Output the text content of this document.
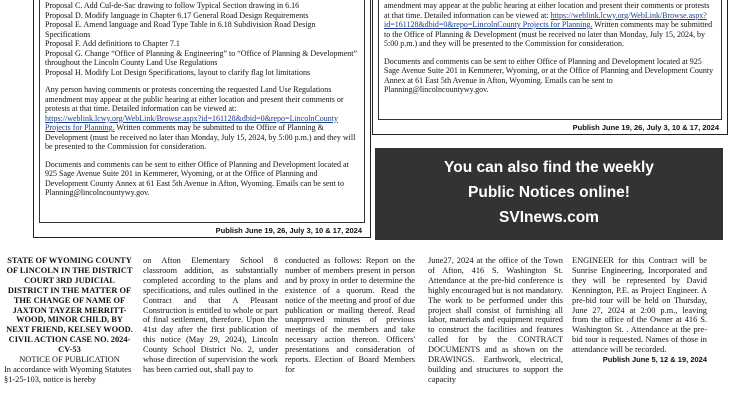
Proposal C. Add Cul-de-Sac drawing to follow Typical Section drawing in 6.16

Proposal D. Modify language in Chapter 6.17 General Road Design Requirements

Proposal E. Amend language and Road Type Table in 6.18 Subdivision Road Design Specifications

Proposal F. Add definitions to Chapter 7.1

Proposal G. Change “Office of Planning & Engineering” to “Office of Planning & Development” throughout the Lincoln County Land Use Regulations

Proposal H. Modify Lot Design Specifications, layout to clarify flag lot limitations

Any person having comments or protests concerning the requested Land Use Regulations amendment may appear at the public hearing at either location and present their comments or protests at that time. Detailed information can be viewed at: https://weblink.lcwy.org/WebLink/Browse.aspx?id=161128&dbid=0&repo=LincolnCounty Projects for Planning. Written comments may be submitted to the Office of Planning & Development (must be received no later than Monday, July 15, 2024, by 5:00 p.m.) and they will be presented to the Commission for consideration.

Documents and comments can be sent to either Office of Planning and Development located at 925 Sage Avenue Suite 201 in Kemmerer, Wyoming, or at the Office of Planning and Development County Annex at 61 East 5th Avenue in Afton, Wyoming. Emails can be sent to Planning@lincolncountywy.gov.

Publish June 19, 26, July 3, 10 & 17, 2024

amendment may appear at the public hearing at either location and present their comments or protests at that time. Detailed information can be viewed at: https://weblink.lcwy.org/WebLink/Browse.aspx?id=161128&dbid=0&repo=LincolnCounty Projects for Planning. Written comments may be submitted to the Office of Planning & Development (must be received no later than Monday, July 15, 2024, by 5:00 p.m.) and they will be presented to the Commission for consideration.

Documents and comments can be sent to either Office of Planning and Development located at 925 Sage Avenue Suite 201 in Kemmerer, Wyoming, or at the Office of Planning and Development County Annex at 61 East 5th Avenue in Afton, Wyoming. Emails can be sent to Planning@lincolncountywy.gov.

Publish June 19, 26, July 3, 10 & 17, 2024
You can also find the weekly
Public Notices online!
SVInews.com

STATE OF WYOMING COUNTY OF LINCOLN IN THE DISTRICT COURT 3RD JUDICIAL DISTRICT IN THE MATTER OF THE CHANGE OF NAME OF JAXTON TAYZER MERRITT-WOOD, MINOR CHILD, BY NEXT FRIEND, KELSEY WOOD. CIVIL ACTION CASE NO. 2024-CV-53

NOTICE OF PUBLICATION

In accordance with Wyoming Statutes §1-25-103, notice is hereby

on Afton Elementary School 8 classroom addition, as substantially completed according to the plans and specifications, and rules outlined in the Contract and that A Pleasant Construction is entitled to whole or part of final settlement, therefore. Upon the 41st day after the first publication of this notice (May 29, 2024), Lincoln County School District No. 2, under whose direction of supervision the work has been carried out, shall pay to

conducted as follows: Report on the number of members present in person and by proxy in order to determine the existence of a quorum. Read the notice of the meeting and proof of due publication or mailing thereof. Read unapproved minutes of previous meetings of the members and take necessary action thereon. Officers' presentations and consideration of reports. Election of Board Members for

June27, 2024 at the office of the Town of Afton, 416 S. Washington St. Attendance at the pre-bid conference is highly encouraged but is not mandatory. The work to be performed under this project shall consist of furnishing all labor, materials and equipment required to construct the facilities and features called for by the CONTRACT DOCUMENTS and as shown on the DRAWINGS. Earthwork, electrical, building and structures to support the capacity

ENGINEER for this Contract will be Sunrise Engineering, Incorporated and they will be represented by David Kennington, P.E. as Project Engineer. A pre-bid tour will be held on Thursday, June 27, 2024 at 2:00 p.m., leaving from the office of the Owner at 416 S. Washington St. . Attendance at the pre-bid tour is requested. Names of those in attendance will be recorded.

Publish June 5, 12 & 19, 2024
